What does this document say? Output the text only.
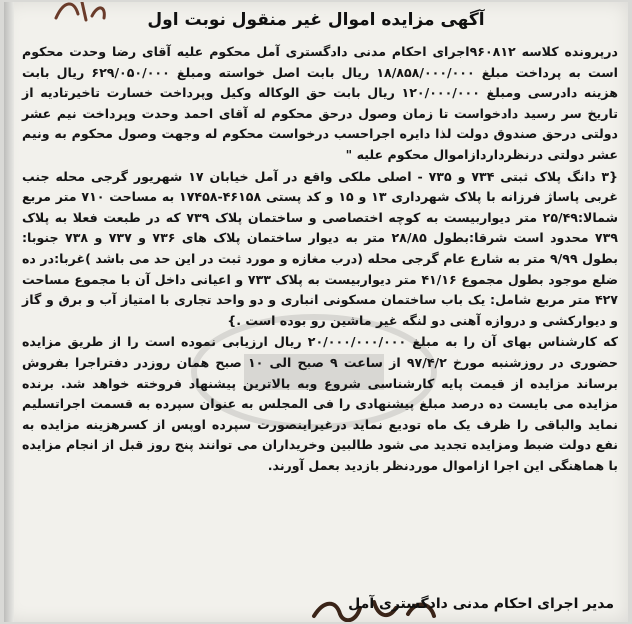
آگهی مزایده اموال غیر منقول نوبت اول

درپرونده کلاسه ۹۶۰۸۱۲اجرای احکام مدنی دادگستری آمل محکوم علیه آقای رضا وحدت محکوم است به پرداخت مبلغ ۱۸/۸۵۸/۰۰۰/۰۰۰ ریال بابت اصل خواسته ومبلغ ۶۲۹/۰۵۰/۰۰۰ ریال بابت هزینه دادرسی ومبلغ ۱۲۰/۰۰۰/۰۰۰ ریال بابت حق الوکاله وکیل وپرداخت خسارت تاخیرتادیه از تاریخ سر رسید دادخواست تا زمان وصول درحق محکوم له آقای احمد وحدت وپرداخت نیم عشر دولتی درحق صندوق دولت لذا دایره اجراحسب درخواست محکوم له وجهت وصول محکوم به ونیم عشر دولتی درنظرداردازاموال محکوم علیه "

{۳ دانگ پلاک ثبتی ۷۳۴ و ۷۳۵ - اصلی ملکی واقع در آمل خیابان ۱۷ شهریور گرجی محله جنب غربی پاساژ فرزانه با پلاک شهرداری ۱۳ و ۱۵ و کد پستی ۴۶۱۵۸-۱۷۴۵۸ به مساحت ۷۱۰ متر مربع شمالا:۲۵/۴۹ متر دیواربیست به کوچه اختصاصی و ساختمان پلاک ۷۳۹ که در طبعت فعلا به پلاک ۷۳۹ محدود است شرقا:بطول ۲۸/۸۵ متر به دیوار ساختمان پلاک های ۷۳۶ و ۷۳۷ و ۷۳۸ جنوبا: بطول ۹/۹۹ متر به شارع عام گرجی محله (درب مغازه و مورد ثبت در این حد می باشد )غربا:در ده ضلع موجود بطول مجموع ۴۱/۱۶ متر دیواربیست به پلاک ۷۳۳ و اعیانی داخل آن با مجموع مساحت ۴۲۷ متر مربع شامل: یک باب ساختمان مسکونی انباری و دو واحد تجاری با امتیاز آب و برق و گاز و دیوارکشی و دروازه آهنی دو لنگه غیر ماشین رو بوده است .}

که کارشناس بهای آن را به مبلغ ۲۰/۰۰۰/۰۰۰/۰۰۰ ریال ارزیابی نموده است را از طریق مزایده حضوری در روزشنبه مورخ ۹۷/۴/۲ از ساعت ۹ صبح الی ۱۰ صبح همان روزدر دفتراجرا بفروش برساند مزایده از قیمت پایه کارشناسی شروع وبه بالاترین پیشنهاد فروخته خواهد شد. برنده مزایده می بایست ده درصد مبلغ پیشنهادی را فی المجلس به عنوان سپرده به قسمت اجراتسلیم نماید والباقی را ظرف یک ماه تودیع نماید درغیراینصورت سپرده اوپس از کسرهزینه مزایده به نفع دولت ضبط ومزایده تجدید می شود طالبین وخریداران می توانند پنج روز قبل از انجام مزایده با هماهنگی این اجرا ازاموال موردنظر بازدید بعمل آورند.

مدیر اجرای احکام مدنی دادگستری آمل
